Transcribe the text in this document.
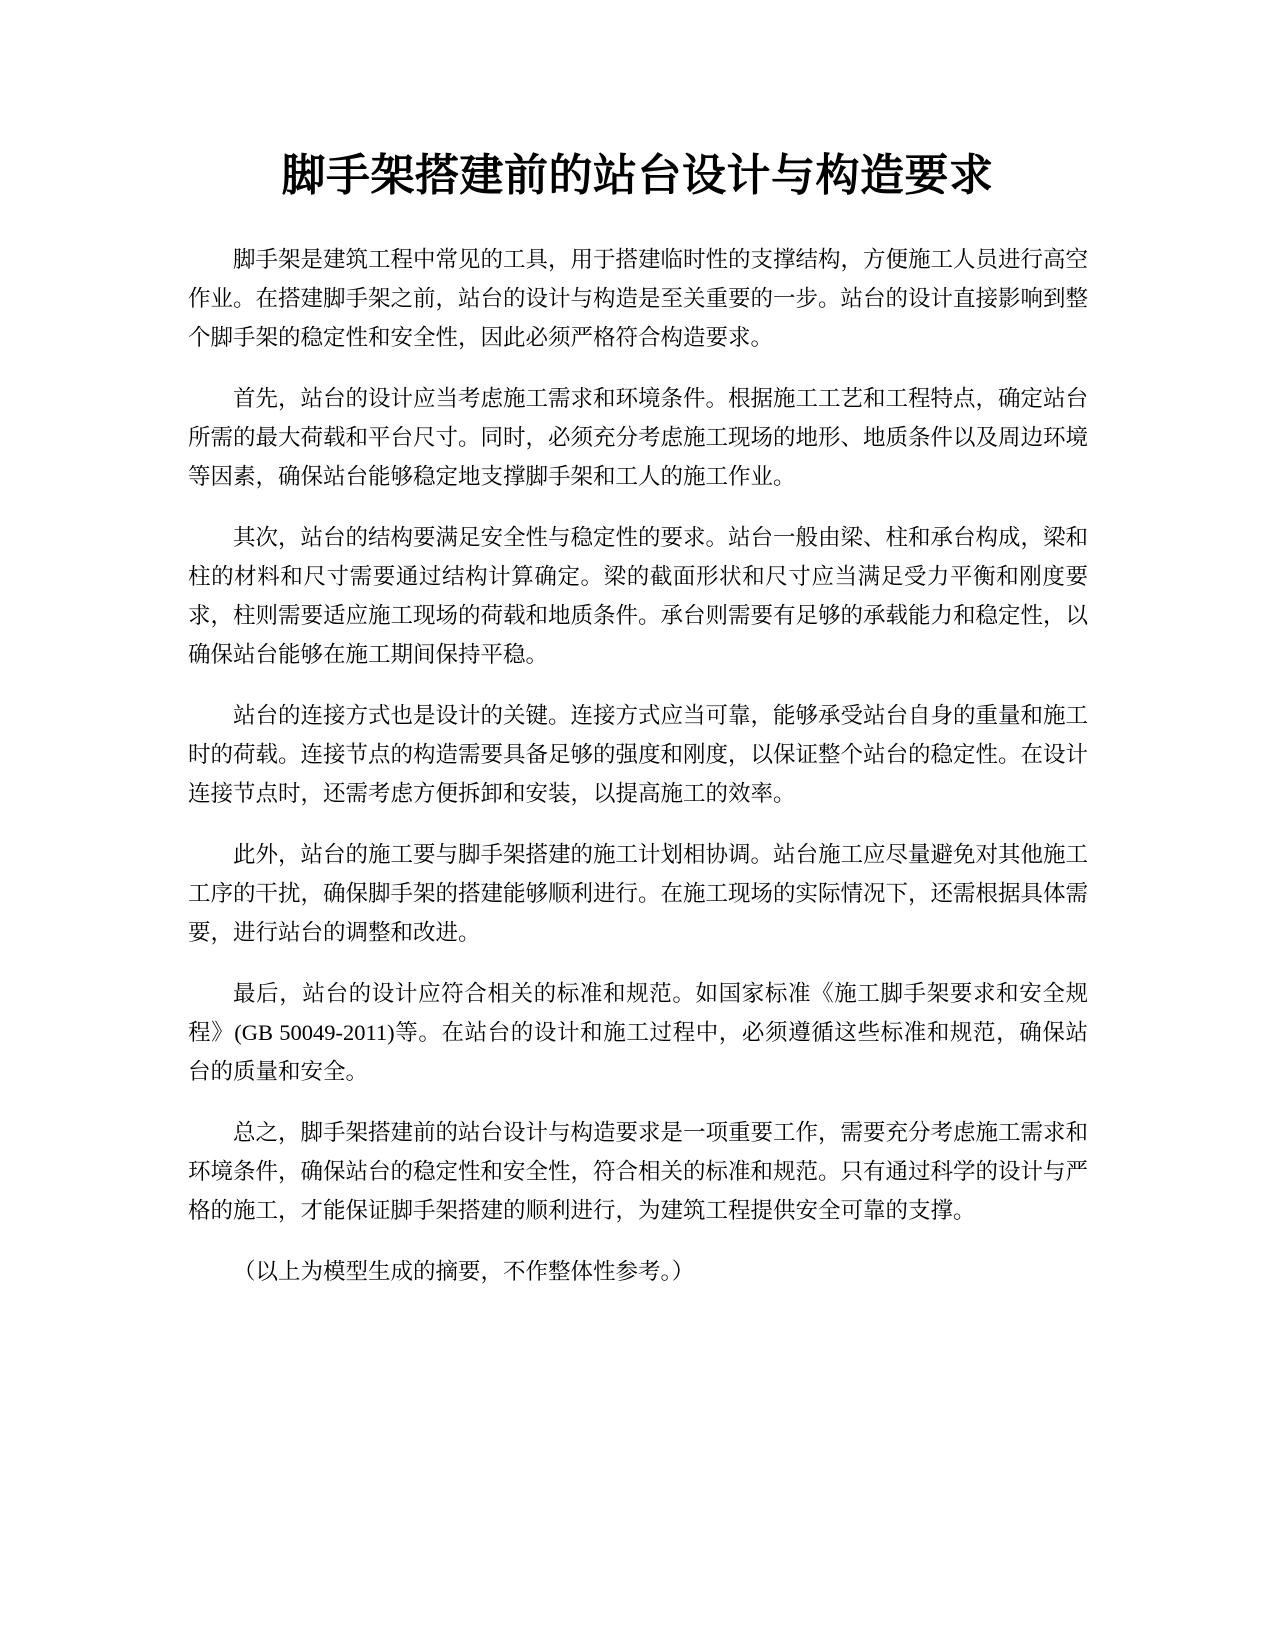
脚手架搭建前的站台设计与构造要求

脚手架是建筑工程中常见的工具，用于搭建临时性的支撑结构，方便施工人员进行高空作业。在搭建脚手架之前，站台的设计与构造是至关重要的一步。站台的设计直接影响到整个脚手架的稳定性和安全性，因此必须严格符合构造要求。

首先，站台的设计应当考虑施工需求和环境条件。根据施工工艺和工程特点，确定站台所需的最大荷载和平台尺寸。同时，必须充分考虑施工现场的地形、地质条件以及周边环境等因素，确保站台能够稳定地支撑脚手架和工人的施工作业。

其次，站台的结构要满足安全性与稳定性的要求。站台一般由梁、柱和承台构成，梁和柱的材料和尺寸需要通过结构计算确定。梁的截面形状和尺寸应当满足受力平衡和刚度要求，柱则需要适应施工现场的荷载和地质条件。承台则需要有足够的承载能力和稳定性，以确保站台能够在施工期间保持平稳。

站台的连接方式也是设计的关键。连接方式应当可靠，能够承受站台自身的重量和施工时的荷载。连接节点的构造需要具备足够的强度和刚度，以保证整个站台的稳定性。在设计连接节点时，还需考虑方便拆卸和安装，以提高施工的效率。

此外，站台的施工要与脚手架搭建的施工计划相协调。站台施工应尽量避免对其他施工工序的干扰，确保脚手架的搭建能够顺利进行。在施工现场的实际情况下，还需根据具体需要，进行站台的调整和改进。

最后，站台的设计应符合相关的标准和规范。如国家标准《施工脚手架要求和安全规程》(GB 50049-2011)等。在站台的设计和施工过程中，必须遵循这些标准和规范，确保站台的质量和安全。

总之，脚手架搭建前的站台设计与构造要求是一项重要工作，需要充分考虑施工需求和环境条件，确保站台的稳定性和安全性，符合相关的标准和规范。只有通过科学的设计与严格的施工，才能保证脚手架搭建的顺利进行，为建筑工程提供安全可靠的支撑。

（以上为模型生成的摘要，不作整体性参考。）
